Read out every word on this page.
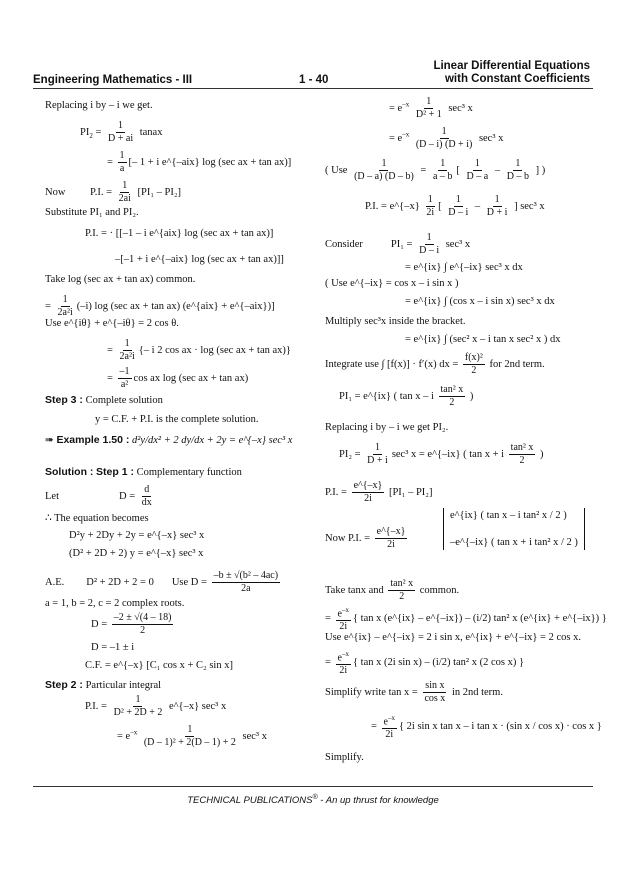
Engineering Mathematics - III	1 - 40
Linear Differential Equations
with Constant Coefficients
Replacing i by – i we get.
$PI_2 = \frac{1}{D + ai}$ tanax
= $\frac{1}{a}$ [– 1 + i e^{–aix} log (sec ax + tan ax)]
Now P.I. = $\frac{1}{2ai} [PI_1 - PI_2]$
Substitute PI₁ and PI₂.
P.I. = · [[–1 – i e^{aix} log (sec ax + tan ax)]
–[–1 + i e^{–aix} log (sec ax + tan ax)]]
Take log (sec ax + tan ax) common.
= $\frac{1}{\text{2a²i}} (-i)$ log (sec ax + tan ax) (e^{aix} + e^{–aix})]
Use e^{iθ} + e^{–iθ} = 2 cos θ.
= $\frac{1}{\text{2a²i}}$ {– i 2 cos ax · log (sec ax + tan ax)}
= $\frac{-1}{\text{a²}}$ cos ax log (sec ax + tan ax)
Step 3 : Complete solution
y = C.F. + P.I. is the complete solution.
➠ Example 1.50 : d²y/dx² + 2 dy/dx + 2y = e^{–x} sec³ x
Solution : Step 1 : Complementary function
Let	$D = \frac{d}{dx}$
∴ The equation becomes
D²y + 2Dy + 2y = e^{–x} sec³ x
(D² + 2D + 2) y = e^{–x} sec³ x
A.E. D² + 2D + 2 = 0 Use $D = \frac{\text{–b ± √(b² – 4ac)}}{2a}$
a = 1, b = 2, c = 2 complex roots.
$D = \frac{-2 \pm √(4 - 18)}{2}$
D = –1 ± i
C.F. = e^{–x} [C₁ cos x + C₂ sin x]
Step 2 : Particular integral
P.I. = $\frac{1}{\text{D² + 2D + 2}}$ e^{–x} sec³ x
= $e^{-x} \frac{1}{\text{(D – 1)² + 2(D – 1) + 2}} \sec^3$ x
= $e^{-x} \frac{1}{\text{D² + 1}} \sec^3$ x
= $e^{-x} \frac{1}{(D - i) (D + i)} \sec^3$ x
( Use $\frac{1}{(D - a) (D - b)} = \frac{1}{a - b}$ [ $\frac{1}{D - a} - \frac{1}{D - b}$ ] )
P.I. = e^{–x} $\frac{1}{2i}$ [ $\frac{1}{D - i} - \frac{1}{D + i}$ ] sec³ x
Consider	$PI_1 = \frac{1}{D - i} \sec^3$ x
= e^{ix} ∫ e^{–ix} sec³ x dx
( Use e^{–ix} = cos x – i sin x )
= e^{ix} ∫ (cos x – i sin x) sec³ x dx
Multiply sec³x inside the bracket.
= e^{ix} ∫ (sec² x – i tan x sec² x ) dx
Integrate use ∫ [f(x)] · f′(x) dx = $\frac{\text{f(x)²}}{2}$ for 2nd term.
PI₁ = e^{ix} ( tan x – i $\frac{\text{tan² x}}{2}$ )
Replacing i by – i we get PI₂.
$PI_2 = \frac{1}{D + i} \sec^3$ x = e^{–ix} ( tan x + i $\frac{\text{tan² x}}{2}$ )
P.I. = $\frac{e\^{}\{-x\}}{2i} [PI_1 - PI_2]$
Now P.I. = $\frac{e\^{}\{-x\}}{2i}$
e^{ix} ( tan x – i tan² x / 2 )
–e^{–ix} ( tan x + i tan² x / 2 )
Take tanx and $\frac{\text{tan² x}}{2}$ common.
= $\frac{e^{-x}}{2i}$ { tan x (e^{ix} – e^{–ix}) – (i/2) tan² x (e^{ix} + e^{–ix}) }
Use e^{ix} – e^{–ix} = 2 i sin x, e^{ix} + e^{–ix} = 2 cos x.
= $\frac{e^{-x}}{2i}$ { tan x (2i sin x) – (i/2) tan² x (2 cos x) }
Simplify write $\tan x = \frac{\text{sin x}}{\text{cos x}}$ in 2nd term.
= $\frac{e^{-x}}{2i}$ { 2i sin x tan x – i tan x · (sin x / cos x) · cos x }
Simplify.
TECHNICAL PUBLICATIONS® - An up thrust for knowledge
